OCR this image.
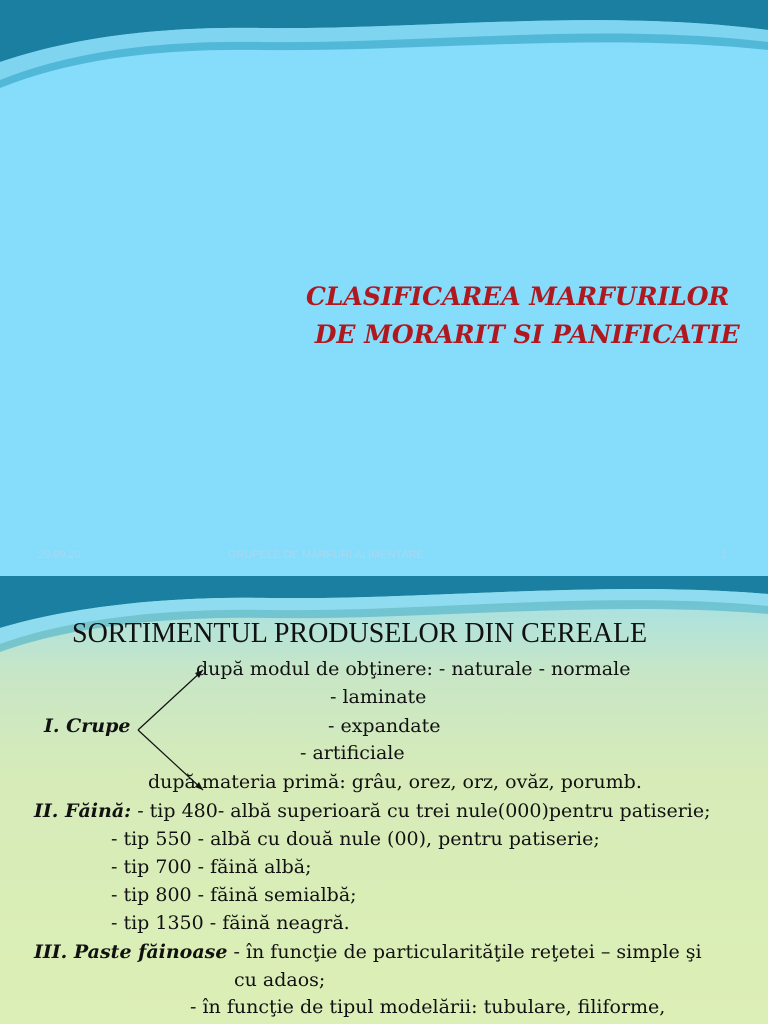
CLASIFICAREA MARFURILOR
DE MORARIT SI PANIFICATIE
20.09.20	GRUPELE DE MĂRFURI ALIMENTARE	1
SORTIMENTUL PRODUSELOR DIN CEREALE
după modul de obţinere: - naturale - normale
- laminate
I. Crupe	- expandate
- artificiale
după materia primă: grâu, orez, orz, ovăz, porumb.
II. Făină: - tip 480- albă superioară cu trei nule(000)pentru patiserie;
- tip 550 - albă cu două nule (00), pentru patiserie;
- tip 700 - făină albă;
- tip 800 - făină semialbă;
- tip 1350 - făină neagră.
III. Paste făinoase - în funcţie de particularităţile reţetei – simple şi
cu adaos;
- în funcţie de tipul modelării: tubulare, filiforme,
